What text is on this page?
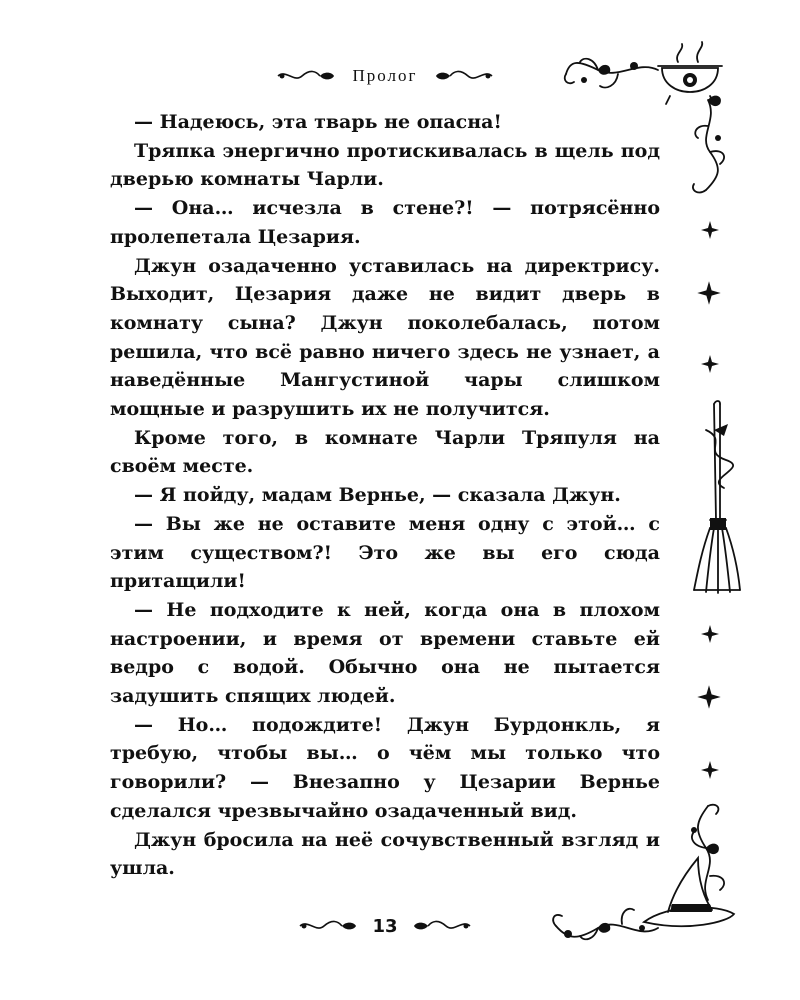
Пролог

— Надеюсь, эта тварь не опасна!

Тряпка энергично протискивалась в щель под дверью комнаты Чарли.

— Она… исчезла в стене?! — потрясённо пролепетала Цезария.

Джун озадаченно уставилась на директрису. Выходит, Цезария даже не видит дверь в комнату сына? Джун поколебалась, потом решила, что всё равно ничего здесь не узнает, а наведённые Мангустиной чары слишком мощные и разрушить их не получится.

Кроме того, в комнате Чарли Тряпуля на своём месте.

— Я пойду, мадам Вернье, — сказала Джун.

— Вы же не оставите меня одну с этой… с этим существом?! Это же вы его сюда притащили!

— Не подходите к ней, когда она в плохом настроении, и время от времени ставьте ей ведро с водой. Обычно она не пытается задушить спящих людей.

— Но… подождите! Джун Бурдонкль, я требую, чтобы вы… о чём мы только что говорили? — Внезапно у Цезарии Вернье сделался чрезвычайно озадаченный вид.

Джун бросила на неё сочувственный взгляд и ушла.

13
